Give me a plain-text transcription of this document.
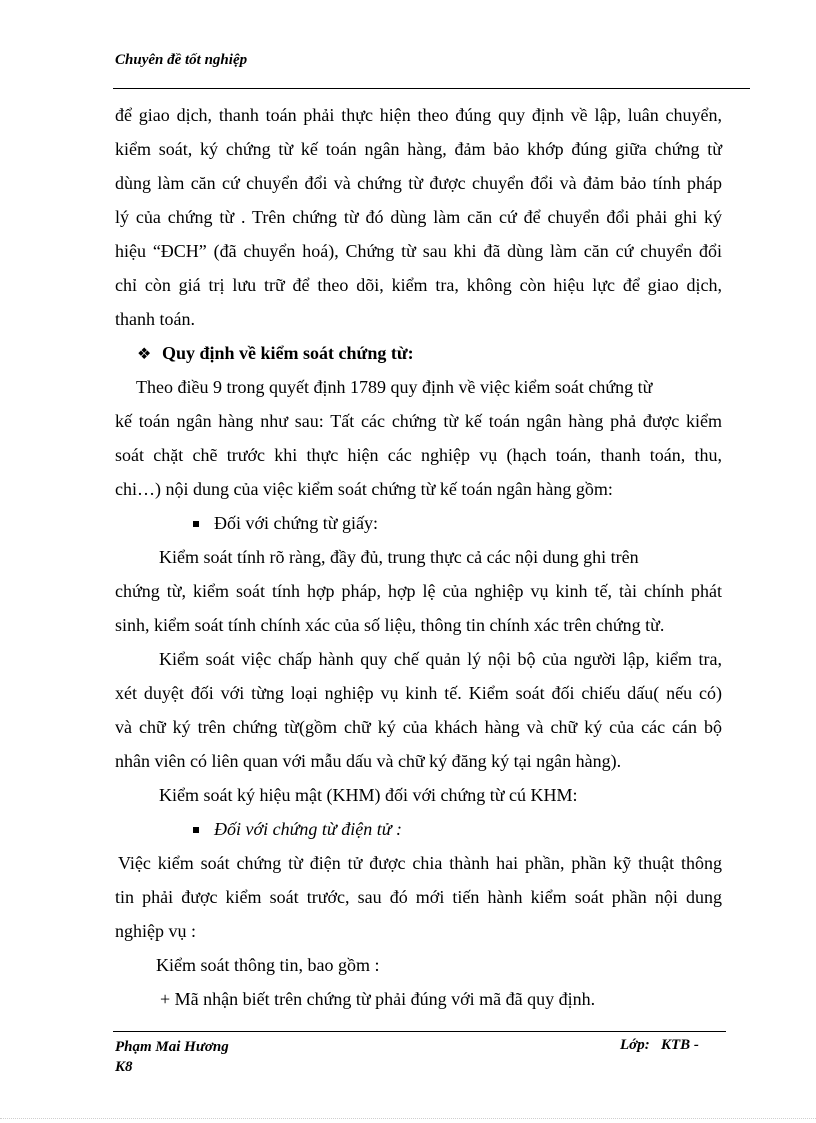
Chuyên đề tốt nghiệp
để giao dịch, thanh toán phải thực hiện theo đúng quy định về lập, luân chuyển,
kiểm soát, ký chứng từ kế toán ngân hàng, đảm bảo khớp đúng giữa chứng từ
dùng làm căn cứ chuyển đổi và chứng từ được chuyển đổi và đảm bảo tính pháp
lý của chứng từ . Trên chứng từ đó dùng làm căn cứ để chuyển đổi phải ghi ký
hiệu “ĐCH” (đã chuyển hoá), Chứng từ sau khi đã dùng làm căn cứ chuyển đổi
chỉ còn giá trị lưu trữ để theo dõi, kiểm tra, không còn hiệu lực để giao dịch,
thanh toán.
❖ Quy định về kiểm soát chứng từ:
Theo điều 9 trong quyết định 1789 quy định về việc kiểm soát chứng từ
kế toán ngân hàng như sau: Tất các chứng từ kế toán ngân hàng phả được kiểm
soát chặt chẽ trước khi thực hiện các nghiệp vụ (hạch toán, thanh toán, thu,
chi…) nội dung của việc kiểm soát chứng từ kế toán ngân hàng gồm:
Đối với chứng từ giấy:
Kiểm soát tính rõ ràng, đầy đủ, trung thực cả các nội dung ghi trên
chứng từ, kiểm soát tính hợp pháp, hợp lệ của nghiệp vụ kinh tế, tài chính phát
sinh, kiểm soát tính chính xác của số liệu, thông tin chính xác trên chứng từ.
Kiểm soát việc chấp hành quy chế quản lý nội bộ của người lập, kiểm tra,
xét duyệt đối với từng loại nghiệp vụ kinh tế. Kiểm soát đối chiếu dấu( nếu có)
và chữ ký trên chứng từ(gồm chữ ký của khách hàng và chữ ký của các cán bộ
nhân viên có liên quan với mẫu dấu và chữ ký đăng ký tại ngân hàng).
Kiểm soát ký hiệu mật (KHM) đối với chứng từ cú KHM:
Đối với chứng từ điện tử :
Việc kiểm soát chứng từ điện tử được chia thành hai phần, phần kỹ thuật thông
tin phải được kiểm soát trước, sau đó mới tiến hành kiểm soát phần nội dung
nghiệp vụ :
Kiểm soát thông tin, bao gồm :
+ Mã nhận biết trên chứng từ phải đúng với mã đã quy định.
Phạm Mai Hương
K8
Lớp:   KTB -
